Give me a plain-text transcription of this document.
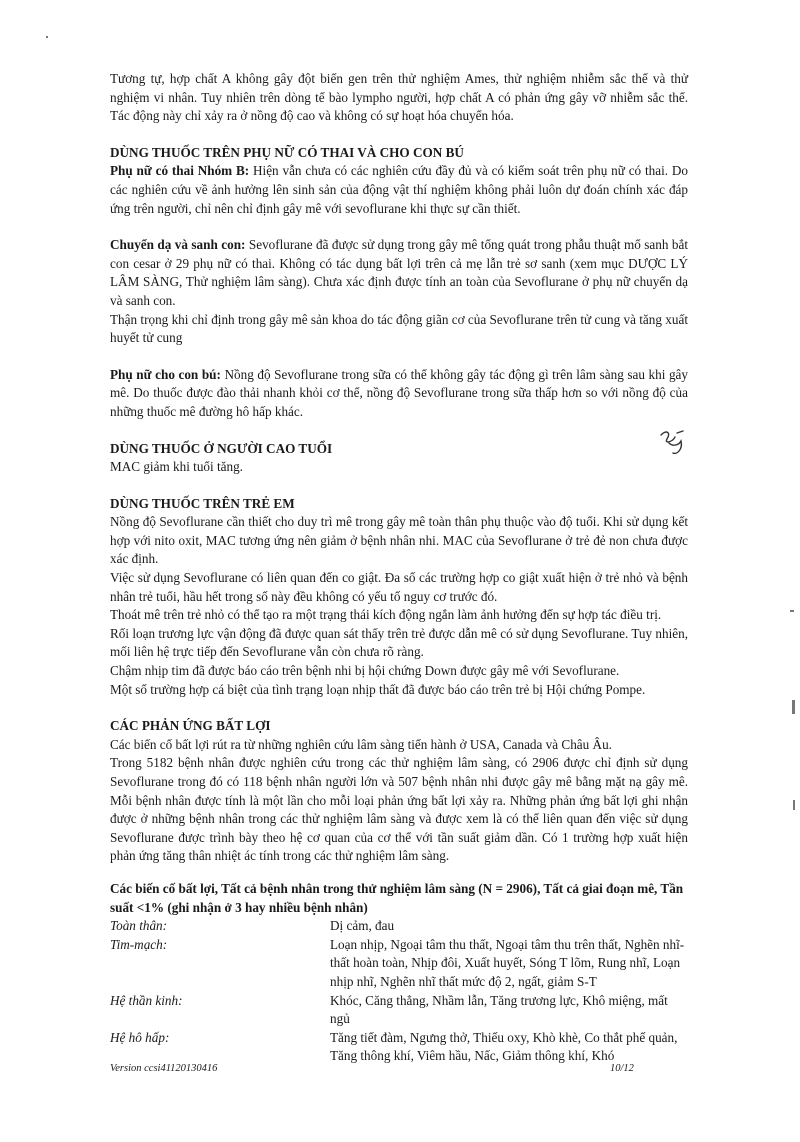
Tương tự, hợp chất A không gây đột biến gen trên thử nghiệm Ames, thử nghiệm nhiễm sắc thể và thử nghiệm vi nhân. Tuy nhiên trên dòng tế bào lympho người, hợp chất A có phản ứng gây vỡ nhiễm sắc thể. Tác động này chỉ xảy ra ở nồng độ cao và không có sự hoạt hóa chuyển hóa.

DÙNG THUỐC TRÊN PHỤ NỮ CÓ THAI VÀ CHO CON BÚ

Phụ nữ có thai Nhóm B: Hiện vẫn chưa có các nghiên cứu đầy đủ và có kiểm soát trên phụ nữ có thai. Do các nghiên cứu về ảnh hưởng lên sinh sản của động vật thí nghiệm không phải luôn dự đoán chính xác đáp ứng trên người, chỉ nên chỉ định gây mê với sevoflurane khi thực sự cần thiết.

Chuyển dạ và sanh con: Sevoflurane đã được sử dụng trong gây mê tổng quát trong phẫu thuật mổ sanh bắt con cesar ở 29 phụ nữ có thai. Không có tác dụng bất lợi trên cả mẹ lẫn trẻ sơ sanh (xem mục DƯỢC LÝ LÂM SÀNG, Thử nghiệm lâm sàng). Chưa xác định được tính an toàn của Sevoflurane ở phụ nữ chuyển dạ và sanh con.

Thận trọng khi chỉ định trong gây mê sản khoa do tác động giãn cơ của Sevoflurane trên tử cung và tăng xuất huyết tử cung

Phụ nữ cho con bú: Nồng độ Sevoflurane trong sữa có thể không gây tác động gì trên lâm sàng sau khi gây mê. Do thuốc được đào thải nhanh khỏi cơ thể, nồng độ Sevoflurane trong sữa thấp hơn so với nồng độ của những thuốc mê đường hô hấp khác.

DÙNG THUỐC Ở NGƯỜI CAO TUỔI

MAC giảm khi tuổi tăng.

DÙNG THUỐC TRÊN TRẺ EM

Nồng độ Sevoflurane cần thiết cho duy trì mê trong gây mê toàn thân phụ thuộc vào độ tuổi. Khi sử dụng kết hợp với nito oxit, MAC tương ứng nên giảm ở bệnh nhân nhi. MAC của Sevoflurane ở trẻ đẻ non chưa được xác định.

Việc sử dụng Sevoflurane có liên quan đến co giật. Đa số các trường hợp co giật xuất hiện ở trẻ nhỏ và bệnh nhân trẻ tuổi, hầu hết trong số này đều không có yếu tố nguy cơ trước đó.

Thoát mê trên trẻ nhỏ có thể tạo ra một trạng thái kích động ngắn làm ảnh hưởng đến sự hợp tác điều trị.

Rối loạn trương lực vận động đã được quan sát thấy trên trẻ được dẫn mê có sử dụng Sevoflurane. Tuy nhiên, mối liên hệ trực tiếp đến Sevoflurane vẫn còn chưa rõ ràng.

Chậm nhịp tim đã được báo cáo trên bệnh nhi bị hội chứng Down được gây mê với Sevoflurane.

Một số trường hợp cá biệt của tình trạng loạn nhịp thất đã được báo cáo trên trẻ bị Hội chứng Pompe.

CÁC PHẢN ỨNG BẤT LỢI

Các biến cố bất lợi rút ra từ những nghiên cứu lâm sàng tiến hành ở USA, Canada và Châu Âu.

Trong 5182 bệnh nhân được nghiên cứu trong các thử nghiệm lâm sàng, có 2906 được chỉ định sử dụng Sevoflurane trong đó có 118 bệnh nhân người lớn và 507 bệnh nhân nhi được gây mê bằng mặt nạ gây mê. Mỗi bệnh nhân được tính là một lần cho mỗi loại phản ứng bất lợi xảy ra. Những phản ứng bất lợi ghi nhận được ở những bệnh nhân trong các thử nghiệm lâm sàng và được xem là có thể liên quan đến việc sử dụng Sevoflurane được trình bày theo hệ cơ quan của cơ thể với tần suất giảm dần. Có 1 trường hợp xuất hiện phản ứng tăng thân nhiệt ác tính trong các thử nghiệm lâm sàng.

Các biến cố bất lợi, Tất cả bệnh nhân trong thử nghiệm lâm sàng (N = 2906), Tất cả giai đoạn mê, Tần suất <1% (ghi nhận ở 3 hay nhiều bệnh nhân)
Toàn thân:	Dị cảm, đau
Tim-mạch:	Loạn nhịp, Ngoại tâm thu thất, Ngoại tâm thu trên thất, Nghẽn nhĩ-thất hoàn toàn, Nhịp đôi, Xuất huyết, Sóng T lõm, Rung nhĩ, Loạn nhịp nhĩ, Nghẽn nhĩ thất mức độ 2, ngất, giảm S-T
Hệ thần kinh:	Khóc, Căng thẳng, Nhầm lẫn, Tăng trương lực, Khô miệng, mất ngủ
Hệ hô hấp:	Tăng tiết đàm, Ngưng thở, Thiếu oxy, Khò khè, Co thắt phế quản, Tăng thông khí, Viêm hầu, Nấc, Giảm thông khí, Khó
Version ccsi41120130416	10/12
